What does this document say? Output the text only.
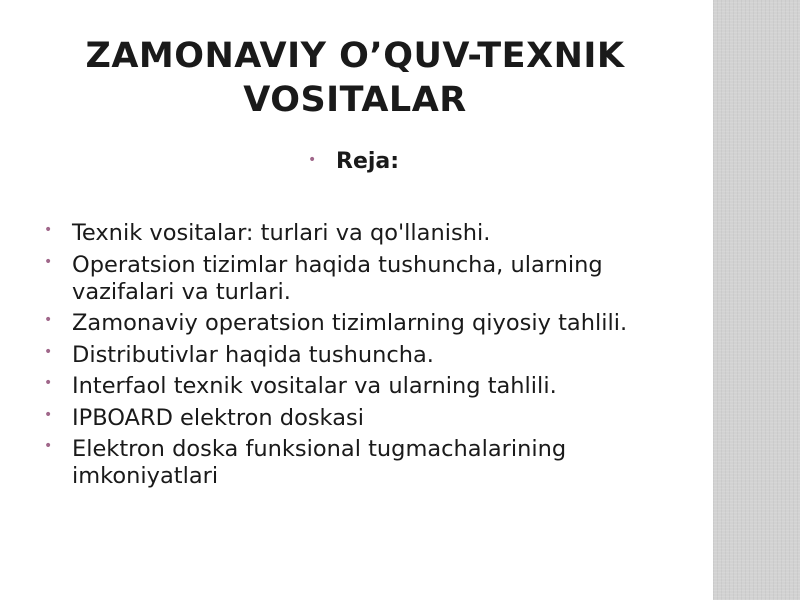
ZAMONAVIY O’QUV-TEXNIK
VOSITALAR
• Reja:
• Texnik vositalar: turlari va qo'llanishi.
• Operatsion tizimlar haqida tushuncha, ularning vazifalari va turlari.
• Zamonaviy operatsion tizimlarning qiyosiy tahlili.
• Distributivlar haqida tushuncha.
• Interfaol texnik vositalar va ularning tahlili.
• IPBOARD elektron doskasi
• Elektron doska funksional tugmachalarining imkoniyatlari
